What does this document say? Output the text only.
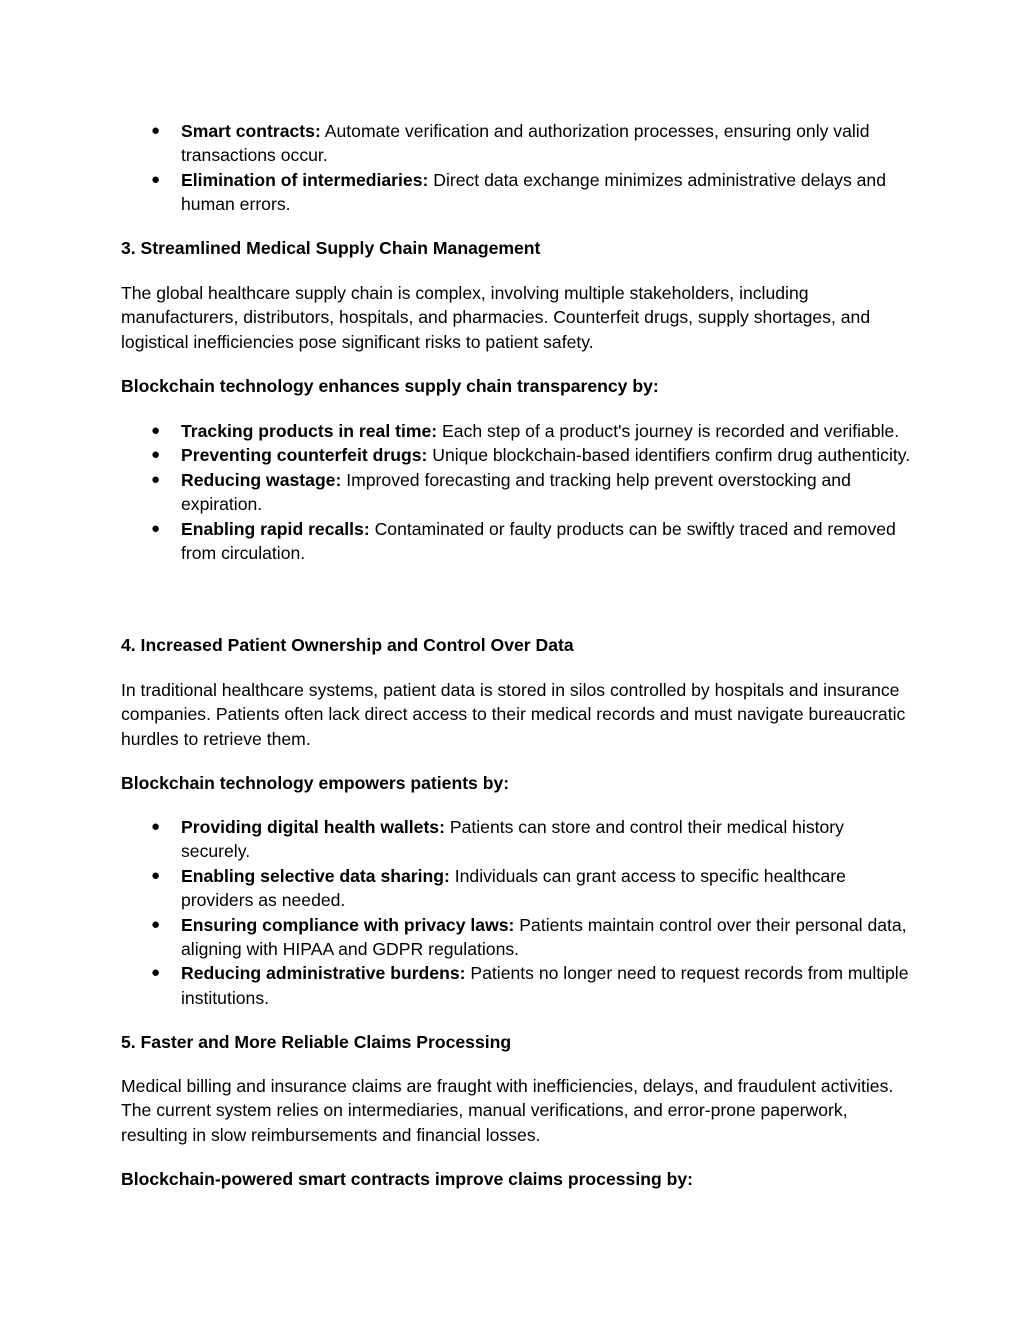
● Smart contracts: Automate verification and authorization processes, ensuring only valid transactions occur.
● Elimination of intermediaries: Direct data exchange minimizes administrative delays and human errors.

3. Streamlined Medical Supply Chain Management

The global healthcare supply chain is complex, involving multiple stakeholders, including manufacturers, distributors, hospitals, and pharmacies. Counterfeit drugs, supply shortages, and logistical inefficiencies pose significant risks to patient safety.

Blockchain technology enhances supply chain transparency by:

● Tracking products in real time: Each step of a product's journey is recorded and verifiable.
● Preventing counterfeit drugs: Unique blockchain-based identifiers confirm drug authenticity.
● Reducing wastage: Improved forecasting and tracking help prevent overstocking and expiration.
● Enabling rapid recalls: Contaminated or faulty products can be swiftly traced and removed from circulation.

4. Increased Patient Ownership and Control Over Data

In traditional healthcare systems, patient data is stored in silos controlled by hospitals and insurance companies. Patients often lack direct access to their medical records and must navigate bureaucratic hurdles to retrieve them.

Blockchain technology empowers patients by:

● Providing digital health wallets: Patients can store and control their medical history securely.
● Enabling selective data sharing: Individuals can grant access to specific healthcare providers as needed.
● Ensuring compliance with privacy laws: Patients maintain control over their personal data, aligning with HIPAA and GDPR regulations.
● Reducing administrative burdens: Patients no longer need to request records from multiple institutions.

5. Faster and More Reliable Claims Processing

Medical billing and insurance claims are fraught with inefficiencies, delays, and fraudulent activities. The current system relies on intermediaries, manual verifications, and error-prone paperwork, resulting in slow reimbursements and financial losses.

Blockchain-powered smart contracts improve claims processing by:
